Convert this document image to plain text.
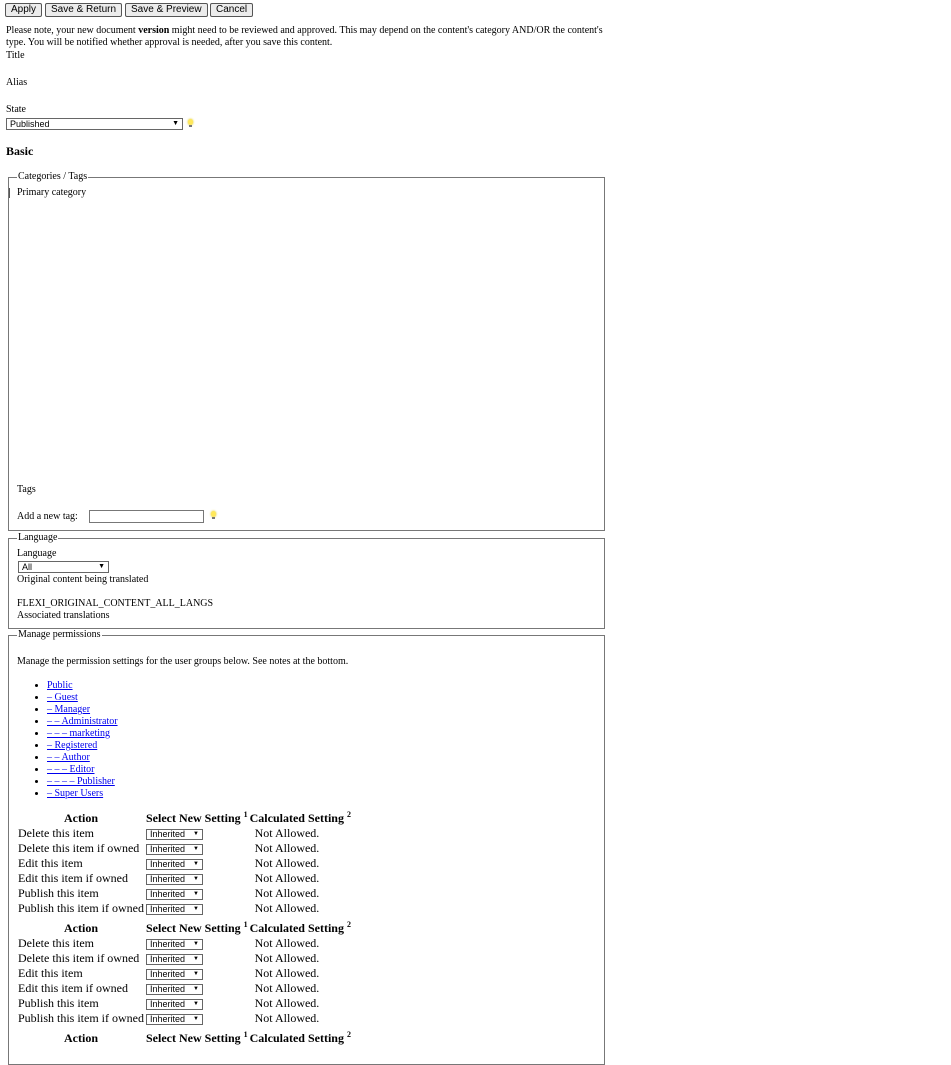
Apply	Save & Return	Save & Preview	Cancel
Please note, your new document version might need to be reviewed and approved. This may depend on the content's category AND/OR the content's type. You will be notified whether approval is needed, after you save this content.
Title
Alias
State
Published	▼
Basic
Categories / Tags
Primary category
Tags
Add a new tag:
Language
Language
All	▼
Original content being translated
FLEXI_ORIGINAL_CONTENT_ALL_LANGS
Associated translations
Manage permissions
Manage the permission settings for the user groups below. See notes at the bottom.
• Public
• – Guest
• – Manager
• – – Administrator
• – – – marketing
• – Registered
• – – Author
• – – – Editor
• – – – – Publisher
• – Super Users
Action	Select New Setting $^1$	Calculated Setting $^2$
Delete this item	Inherited ▼	Not Allowed.
Delete this item if owned	Inherited ▼	Not Allowed.
Edit this item	Inherited ▼	Not Allowed.
Edit this item if owned	Inherited ▼	Not Allowed.
Publish this item	Inherited ▼	Not Allowed.
Publish this item if owned	Inherited ▼	Not Allowed.
Action	Select New Setting $^1$	Calculated Setting $^2$
Delete this item	Inherited ▼	Not Allowed.
Delete this item if owned	Inherited ▼	Not Allowed.
Edit this item	Inherited ▼	Not Allowed.
Edit this item if owned	Inherited ▼	Not Allowed.
Publish this item	Inherited ▼	Not Allowed.
Publish this item if owned	Inherited ▼	Not Allowed.
Action	Select New Setting $^1$	Calculated Setting $^2$
